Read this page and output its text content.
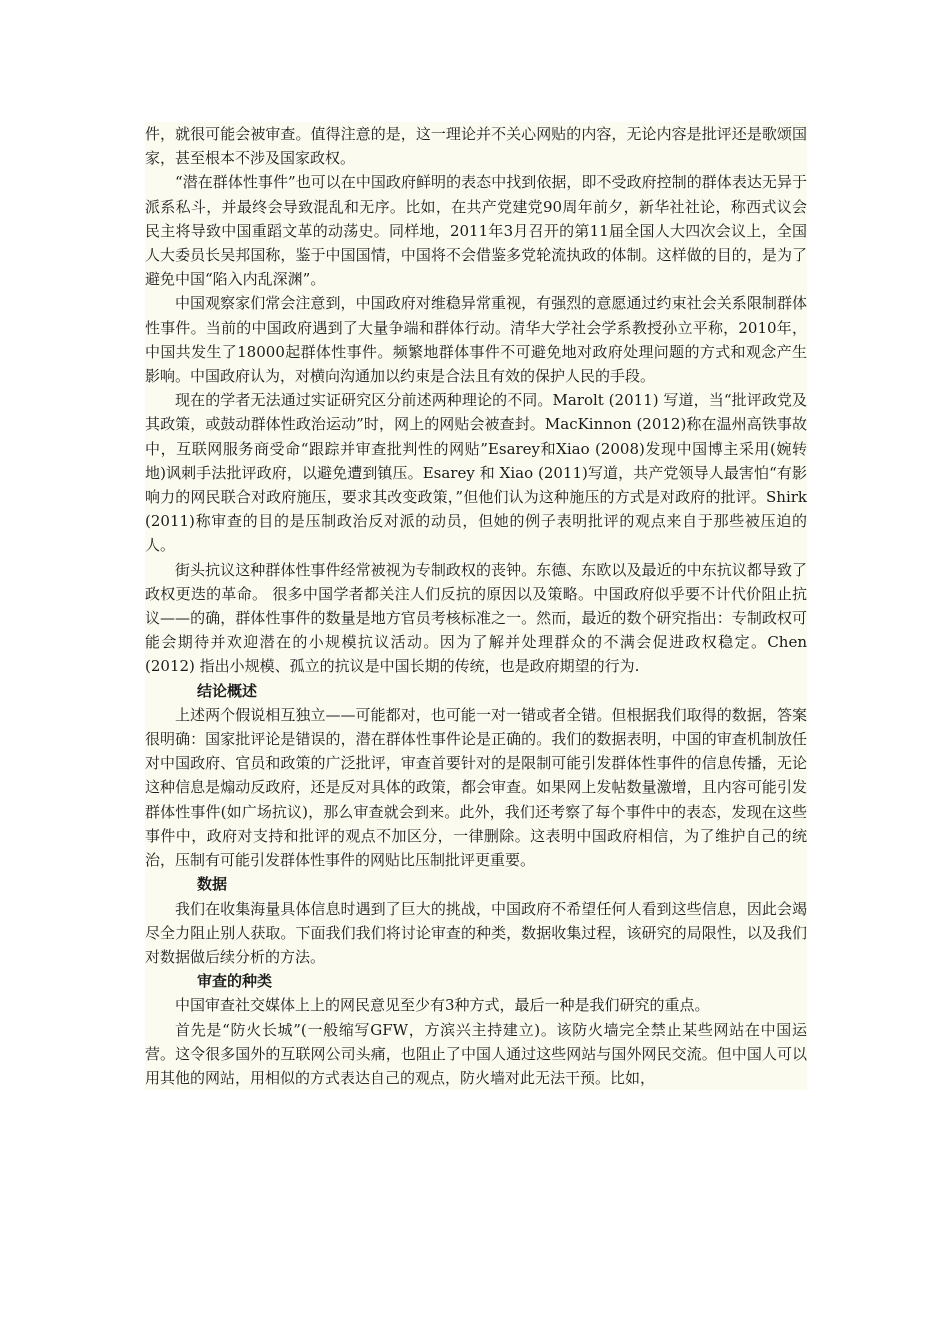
件，就很可能会被审查。值得注意的是，这一理论并不关心网贴的内容，无论内容是批评还是歌颂国家，甚至根本不涉及国家政权。

“潜在群体性事件”也可以在中国政府鲜明的表态中找到依据，即不受政府控制的群体表达无异于派系私斗，并最终会导致混乱和无序。比如，在共产党建党90周年前夕，新华社社论，称西式议会民主将导致中国重蹈文革的动荡史。同样地，2011年3月召开的第11届全国人大四次会议上，全国人大委员长吴邦国称，鉴于中国国情，中国将不会借鉴多党轮流执政的体制。这样做的目的，是为了避免中国“陷入内乱深渊”。

中国观察家们常会注意到，中国政府对维稳异常重视，有强烈的意愿通过约束社会关系限制群体性事件。当前的中国政府遇到了大量争端和群体行动。清华大学社会学系教授孙立平称，2010年，中国共发生了18000起群体性事件。频繁地群体事件不可避免地对政府处理问题的方式和观念产生影响。中国政府认为，对横向沟通加以约束是合法且有效的保护人民的手段。

现在的学者无法通过实证研究区分前述两种理论的不同。Marolt (2011) 写道，当“批评政党及其政策，或鼓动群体性政治运动”时，网上的网贴会被查封。MacKinnon (2012)称在温州高铁事故中，互联网服务商受命“跟踪并审查批判性的网贴”Esarey和Xiao (2008)发现中国博主采用(婉转地)讽刺手法批评政府，以避免遭到镇压。Esarey 和 Xiao (2011)写道，共产党领导人最害怕“有影响力的网民联合对政府施压，要求其改变政策，”但他们认为这种施压的方式是对政府的批评。Shirk (2011)称审查的目的是压制政治反对派的动员，但她的例子表明批评的观点来自于那些被压迫的人。

街头抗议这种群体性事件经常被视为专制政权的丧钟。东德、东欧以及最近的中东抗议都导致了政权更迭的革命。 很多中国学者都关注人们反抗的原因以及策略。中国政府似乎要不计代价阻止抗议——的确，群体性事件的数量是地方官员考核标准之一。然而，最近的数个研究指出：专制政权可能会期待并欢迎潜在的小规模抗议活动。因为了解并处理群众的不满会促进政权稳定。Chen (2012) 指出小规模、孤立的抗议是中国长期的传统，也是政府期望的行为.

结论概述

上述两个假说相互独立——可能都对，也可能一对一错或者全错。但根据我们取得的数据，答案很明确：国家批评论是错误的，潜在群体性事件论是正确的。我们的数据表明，中国的审查机制放任对中国政府、官员和政策的广泛批评，审查首要针对的是限制可能引发群体性事件的信息传播，无论这种信息是煽动反政府，还是反对具体的政策，都会审查。如果网上发帖数量激增，且内容可能引发群体性事件(如广场抗议)，那么审查就会到来。此外，我们还考察了每个事件中的表态，发现在这些事件中，政府对支持和批评的观点不加区分，一律删除。这表明中国政府相信，为了维护自己的统治，压制有可能引发群体性事件的网贴比压制批评更重要。

数据

我们在收集海量具体信息时遇到了巨大的挑战，中国政府不希望任何人看到这些信息，因此会竭尽全力阻止别人获取。下面我们我们将讨论审查的种类，数据收集过程，该研究的局限性，以及我们对数据做后续分析的方法。

审查的种类

中国审查社交媒体上上的网民意见至少有3种方式，最后一种是我们研究的重点。

首先是“防火长城”(一般缩写GFW，方滨兴主持建立)。该防火墙完全禁止某些网站在中国运营。这令很多国外的互联网公司头痛，也阻止了中国人通过这些网站与国外网民交流。但中国人可以用其他的网站，用相似的方式表达自己的观点，防火墙对此无法干预。比如，
